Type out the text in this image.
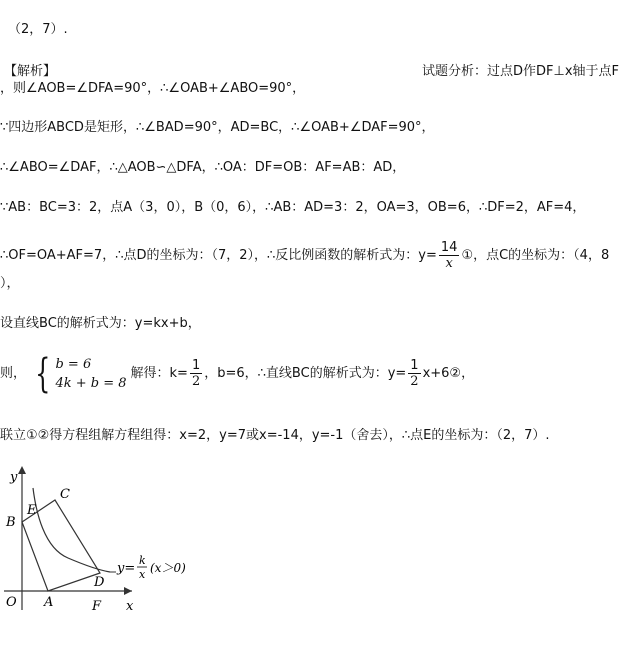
（2，7）.
【解析】	试题分析：过点D作DF⊥x轴于点F
，则∠AOB=∠DFA=90°，∴∠OAB+∠ABO=90°，
∵四边形ABCD是矩形，∴∠BAD=90°，AD=BC，∴∠OAB+∠DAF=90°，
∴∠ABO=∠DAF，∴△AOB∽△DFA，∴OA：DF=OB：AF=AB：AD，
∵AB：BC=3：2，点A（3，0），B（0，6），∴AB：AD=3：2，OA=3，OB=6，∴DF=2，AF=4，
∴OF=OA+AF=7，∴点D的坐标为：（7，2），∴反比例函数的解析式为：$y= \frac{14}{x}$ ①，点C的坐标为：（4，8
），
设直线BC的解析式为：y=kx+b，
则， { b = 6
4k + b = 8
解得：$k= \frac{1}{2}$ ，b=6，∴直线BC的解析式为：$y= \frac{1}{2}$ x+6②，
联立①②得方程组解方程组得：x=2，y=7或x=-14，y=-1（舍去），∴点E的坐标为：（2，7）.
y
x
O A
B
C
D
E
F
y=
k
x (x＞0)
